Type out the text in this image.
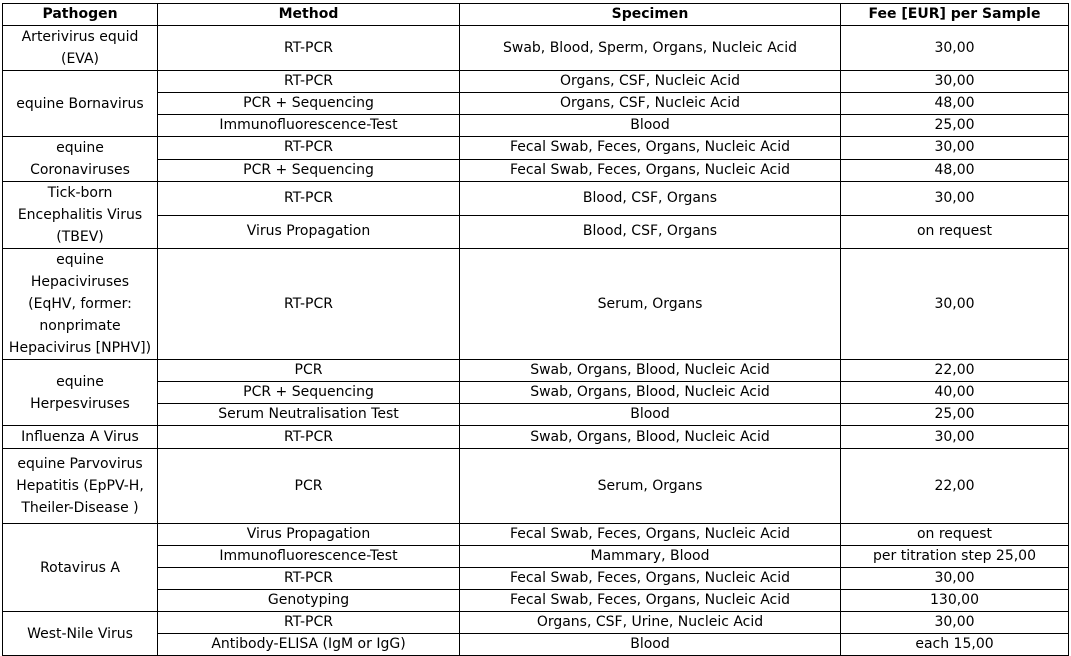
Pathogen	Method	Specimen	Fee [EUR] per Sample
Arterivirus equid (EVA)	RT-PCR	Swab, Blood, Sperm, Organs, Nucleic Acid	30,00
equine Bornavirus	RT-PCR	Organs, CSF, Nucleic Acid	30,00
	PCR + Sequencing	Organs, CSF, Nucleic Acid	48,00
	Immunofluorescence-Test	Blood	25,00
equine Coronaviruses	RT-PCR	Fecal Swab, Feces, Organs, Nucleic Acid	30,00
	PCR + Sequencing	Fecal Swab, Feces, Organs, Nucleic Acid	48,00
Tick-born Encephalitis Virus (TBEV)	RT-PCR	Blood, CSF, Organs	30,00
	Virus Propagation	Blood, CSF, Organs	on request
equine Hepaciviruses (EqHV, former: nonprimate Hepacivirus [NPHV])	RT-PCR	Serum, Organs	30,00
equine Herpesviruses	PCR	Swab, Organs, Blood, Nucleic Acid	22,00
	PCR + Sequencing	Swab, Organs, Blood, Nucleic Acid	40,00
	Serum Neutralisation Test	Blood	25,00
Influenza A Virus	RT-PCR	Swab, Organs, Blood, Nucleic Acid	30,00
equine Parvovirus Hepatitis (EpPV-H, Theiler-Disease )	PCR	Serum, Organs	22,00
Rotavirus A	Virus Propagation	Fecal Swab, Feces, Organs, Nucleic Acid	on request
	Immunofluorescence-Test	Mammary, Blood	per titration step 25,00
	RT-PCR	Fecal Swab, Feces, Organs, Nucleic Acid	30,00
	Genotyping	Fecal Swab, Feces, Organs, Nucleic Acid	130,00
West-Nile Virus	RT-PCR	Organs, CSF, Urine, Nucleic Acid	30,00
	Antibody-ELISA (IgM or IgG)	Blood	each 15,00
